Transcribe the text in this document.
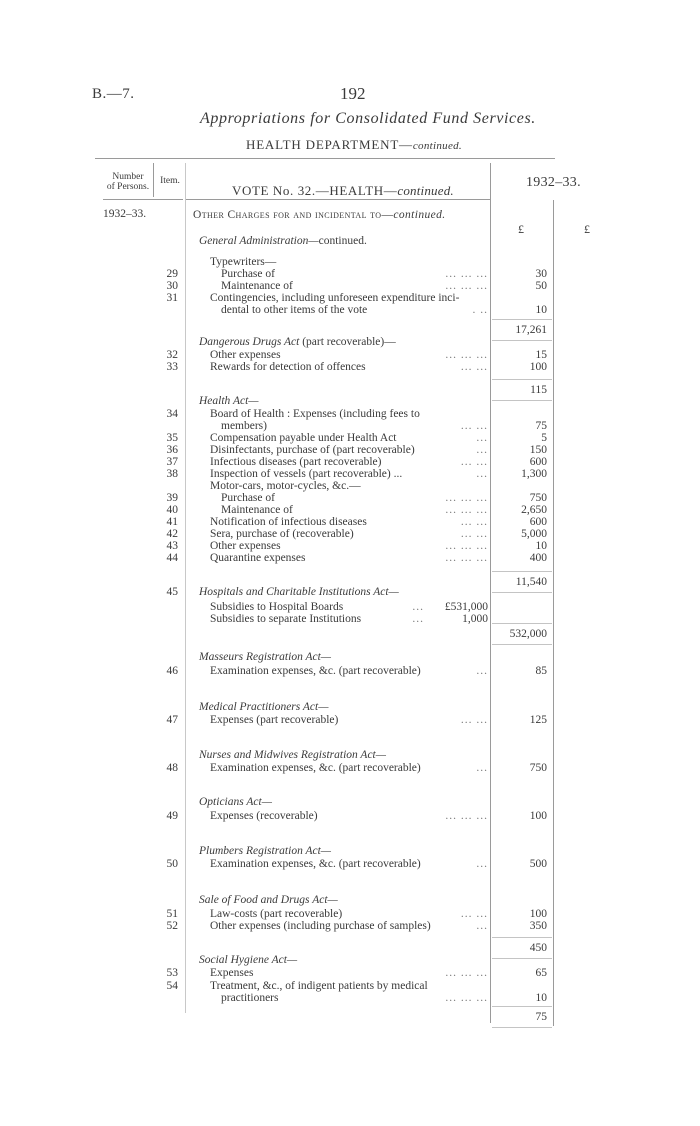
B.—7.	192
Appropriations for Consolidated Fund Services.
HEALTH DEPARTMENT—continued.
Number
of Persons.
Item.
VOTE No. 32.—HEALTH—continued.
1932–33.
1932–33.	Other Charges for and incidental to—continued.
£	£
General Administration—continued.
Typewriters—
29	Purchase of	... ... ...	30
30	Maintenance of	... ... ...	50
31	Contingencies, including unforeseen expenditure inci-
dental to other items of the vote	. ..	10
17,261
Dangerous Drugs Act (part recoverable)—
32	Other expenses	... ... ...	15
33	Rewards for detection of offences	... ...	100
115
Health Act—
34	Board of Health : Expenses (including fees to
members)	... ...	75
35	Compensation payable under Health Act	...	5
36	Disinfectants, purchase of (part recoverable)	...	150
37	Infectious diseases (part recoverable)	... ...	600
38	Inspection of vessels (part recoverable) ...	...	1,300
Motor-cars, motor-cycles, &c.—
39	Purchase of	... ... ...	750
40	Maintenance of	... ... ...	2,650
41	Notification of infectious diseases	... ...	600
42	Sera, purchase of (recoverable)	... ...	5,000
43	Other expenses	... ... ...	10
44	Quarantine expenses	... ... ...	400
11,540
45 Hospitals and Charitable Institutions Act—
Subsidies to Hospital Boards	... £531,000
Subsidies to separate Institutions	...	1,000
532,000
Masseurs Registration Act—
46	Examination expenses, &c. (part recoverable)	...	85
Medical Practitioners Act—
47	Expenses (part recoverable)	... ...	125
Nurses and Midwives Registration Act—
48	Examination expenses, &c. (part recoverable)	...	750
Opticians Act—
49	Expenses (recoverable)	... ... ...	100
Plumbers Registration Act—
50	Examination expenses, &c. (part recoverable)	...	500
Sale of Food and Drugs Act—
51	Law-costs (part recoverable)	... ...	100
52	Other expenses (including purchase of samples)	...	350
450
Social Hygiene Act—
53	Expenses	... ... ...	65
54	Treatment, &c., of indigent patients by medical
practitioners	... ... ...	10
75
